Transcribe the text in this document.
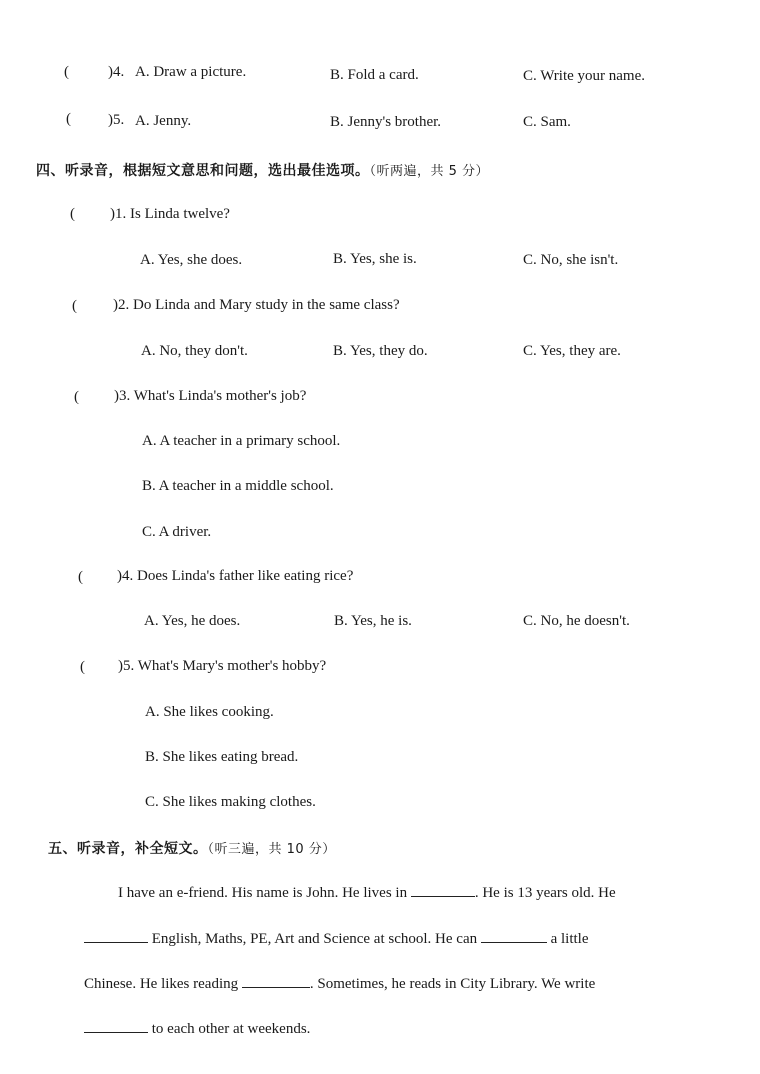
(	)4. A. Draw a picture.	B. Fold a card.	C. Write your name.
( )5. A. Jenny.	B. Jenny's brother.	C. Sam.
四、听录音，根据短文意思和问题，选出最佳选项。（听两遍，共 5 分）
( )1. Is Linda twelve?
A. Yes, she does.	B. Yes, she is.	C. No, she isn't.
( )2. Do Linda and Mary study in the same class?
A. No, they don't.	B. Yes, they do.	C. Yes, they are.
( )3. What's Linda's mother's job?
A. A teacher in a primary school.
B. A teacher in a middle school.
C. A driver.
( )4. Does Linda's father like eating rice?
A. Yes, he does.	B. Yes, he is.	C. No, he doesn't.
( )5. What's Mary's mother's hobby?
A. She likes cooking.
B. She likes eating bread.
C. She likes making clothes.
五、听录音，补全短文。（听三遍，共 10 分）
I have an e-friend. His name is John. He lives in	. He is 13 years old. He
English, Maths, PE, Art and Science at school. He can	a little
Chinese. He likes reading	. Sometimes, he reads in City Library. We write
to each other at weekends.
